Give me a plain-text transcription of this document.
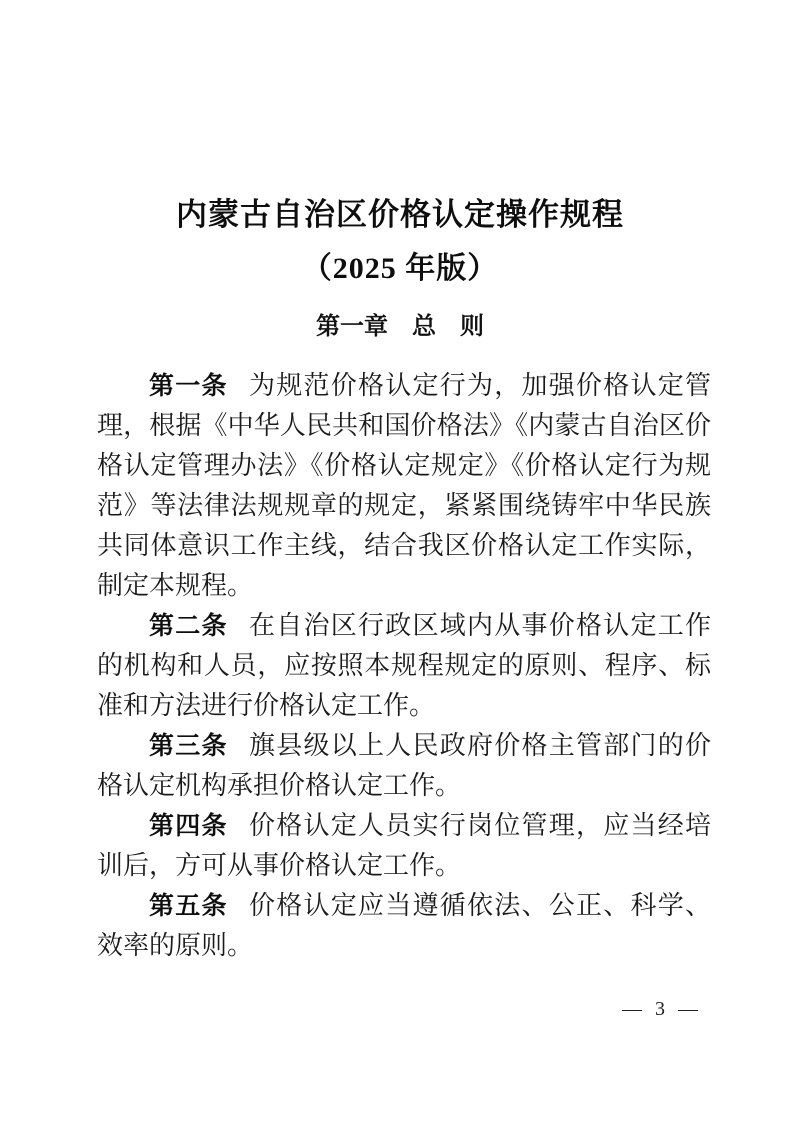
内蒙古自治区价格认定操作规程
（2025 年版）
第一章　总　则

第一条 为规范价格认定行为，加强价格认定管理，根据《中华人民共和国价格法》《内蒙古自治区价格认定管理办法》《价格认定规定》《价格认定行为规范》等法律法规规章的规定，紧紧围绕铸牢中华民族共同体意识工作主线，结合我区价格认定工作实际，制定本规程。

第二条 在自治区行政区域内从事价格认定工作的机构和人员，应按照本规程规定的原则、程序、标准和方法进行价格认定工作。

第三条 旗县级以上人民政府价格主管部门的价格认定机构承担价格认定工作。

第四条 价格认定人员实行岗位管理，应当经培训后，方可从事价格认定工作。

第五条 价格认定应当遵循依法、公正、科学、效率的原则。

— 3 —
